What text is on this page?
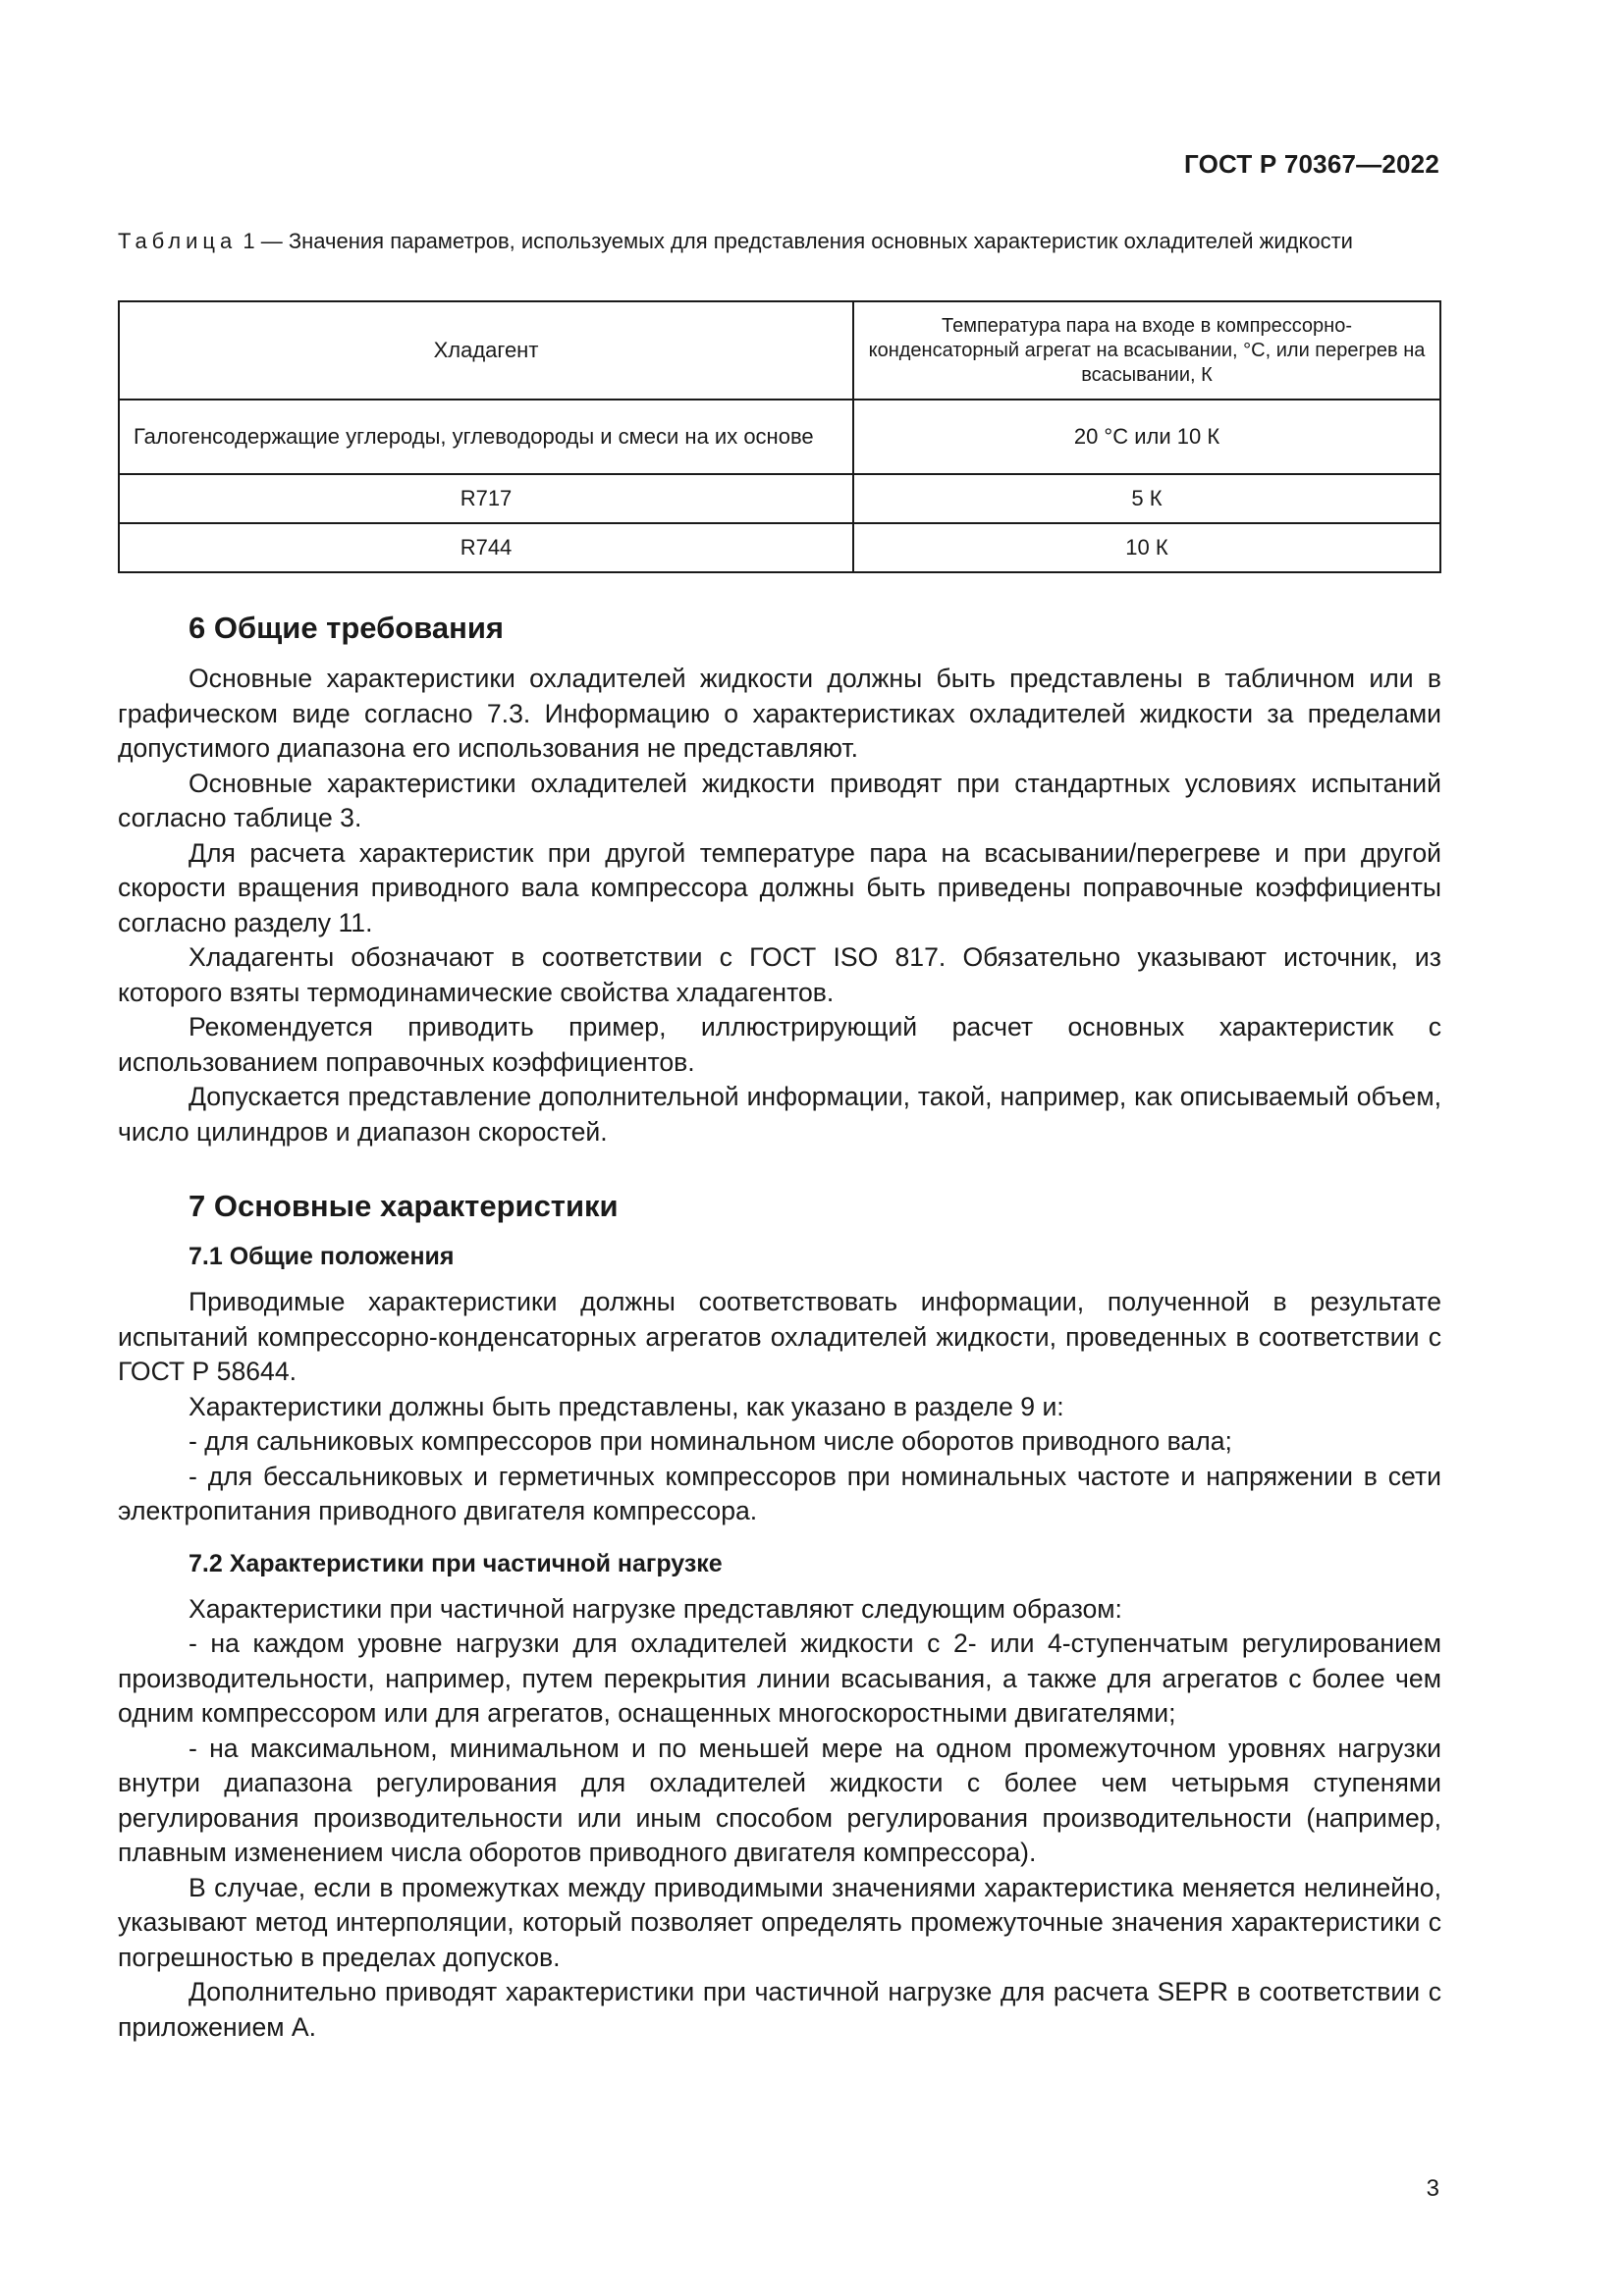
ГОСТ Р 70367—2022
Таблица 1 — Значения параметров, используемых для представления основных характеристик охладителей жидкости
Хладагент	Температура пара на входе в компрессорно-конденсаторный агрегат на всасывании, °С, или перегрев на всасывании, К
Галогенсодержащие углероды, углеводороды и смеси на их основе	20 °С или 10 К
R717	5 К
R744	10 К
6 Общие требования

Основные характеристики охладителей жидкости должны быть представлены в табличном или в графическом виде согласно 7.3. Информацию о характеристиках охладителей жидкости за пределами допустимого диапазона его использования не представляют.

Основные характеристики охладителей жидкости приводят при стандартных условиях испытаний согласно таблице 3.

Для расчета характеристик при другой температуре пара на всасывании/перегреве и при другой скорости вращения приводного вала компрессора должны быть приведены поправочные коэффициенты согласно разделу 11.

Хладагенты обозначают в соответствии с ГОСТ ISO 817. Обязательно указывают источник, из которого взяты термодинамические свойства хладагентов.

Рекомендуется приводить пример, иллюстрирующий расчет основных характеристик с использованием поправочных коэффициентов.

Допускается представление дополнительной информации, такой, например, как описываемый объем, число цилиндров и диапазон скоростей.

7 Основные характеристики
7.1 Общие положения

Приводимые характеристики должны соответствовать информации, полученной в результате испытаний компрессорно-конденсаторных агрегатов охладителей жидкости, проведенных в соответствии с ГОСТ Р 58644.

Характеристики должны быть представлены, как указано в разделе 9 и:

- для сальниковых компрессоров при номинальном числе оборотов приводного вала;

- для бессальниковых и герметичных компрессоров при номинальных частоте и напряжении в сети электропитания приводного двигателя компрессора.

7.2 Характеристики при частичной нагрузке

Характеристики при частичной нагрузке представляют следующим образом:

- на каждом уровне нагрузки для охладителей жидкости с 2- или 4-ступенчатым регулированием производительности, например, путем перекрытия линии всасывания, а также для агрегатов с более чем одним компрессором или для агрегатов, оснащенных многоскоростными двигателями;

- на максимальном, минимальном и по меньшей мере на одном промежуточном уровнях нагрузки внутри диапазона регулирования для охладителей жидкости с более чем четырьмя ступенями регулирования производительности или иным способом регулирования производительности (например, плавным изменением числа оборотов приводного двигателя компрессора).

В случае, если в промежутках между приводимыми значениями характеристика меняется нелинейно, указывают метод интерполяции, который позволяет определять промежуточные значения характеристики с погрешностью в пределах допусков.

Дополнительно приводят характеристики при частичной нагрузке для расчета SEPR в соответствии с приложением А.

3
